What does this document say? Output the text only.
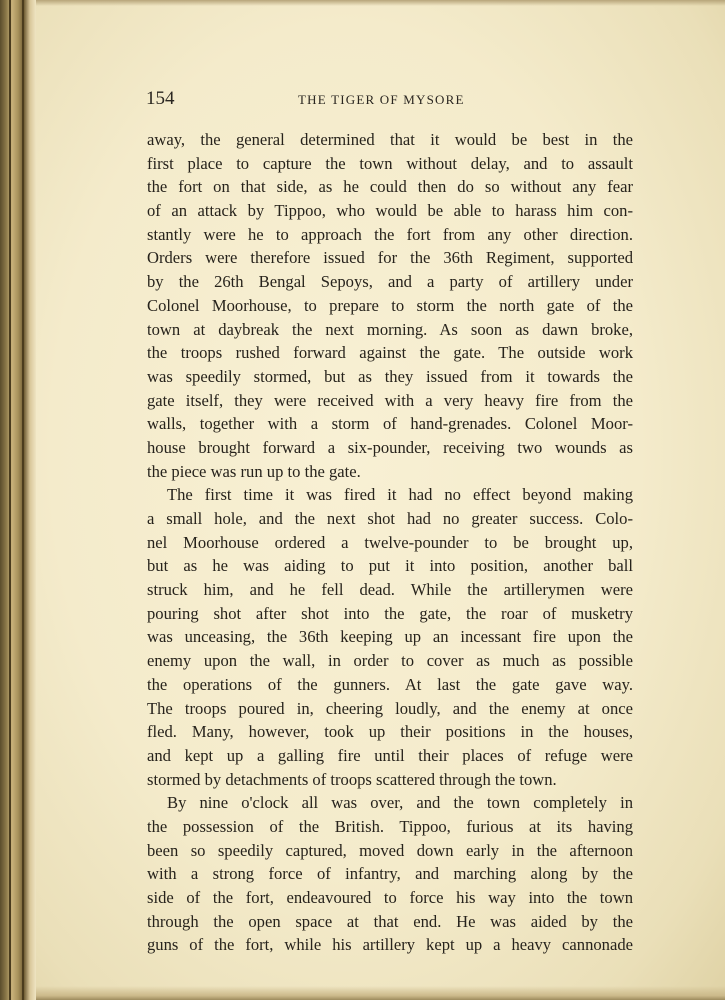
154	THE TIGER OF MYSORE
away, the general determined that it would be best in the
first place to capture the town without delay, and to assault
the fort on that side, as he could then do so without any fear
of an attack by Tippoo, who would be able to harass him con-
stantly were he to approach the fort from any other direction.
Orders were therefore issued for the 36th Regiment, supported
by the 26th Bengal Sepoys, and a party of artillery under
Colonel Moorhouse, to prepare to storm the north gate of the
town at daybreak the next morning. As soon as dawn broke,
the troops rushed forward against the gate. The outside work
was speedily stormed, but as they issued from it towards the
gate itself, they were received with a very heavy fire from the
walls, together with a storm of hand-grenades. Colonel Moor-
house brought forward a six-pounder, receiving two wounds as
the piece was run up to the gate.
The first time it was fired it had no effect beyond making
a small hole, and the next shot had no greater success. Colo-
nel Moorhouse ordered a twelve-pounder to be brought up,
but as he was aiding to put it into position, another ball
struck him, and he fell dead. While the artillerymen were
pouring shot after shot into the gate, the roar of musketry
was unceasing, the 36th keeping up an incessant fire upon the
enemy upon the wall, in order to cover as much as possible
the operations of the gunners. At last the gate gave way.
The troops poured in, cheering loudly, and the enemy at once
fled. Many, however, took up their positions in the houses,
and kept up a galling fire until their places of refuge were
stormed by detachments of troops scattered through the town.
By nine o'clock all was over, and the town completely in
the possession of the British. Tippoo, furious at its having
been so speedily captured, moved down early in the afternoon
with a strong force of infantry, and marching along by the
side of the fort, endeavoured to force his way into the town
through the open space at that end. He was aided by the
guns of the fort, while his artillery kept up a heavy cannonade
